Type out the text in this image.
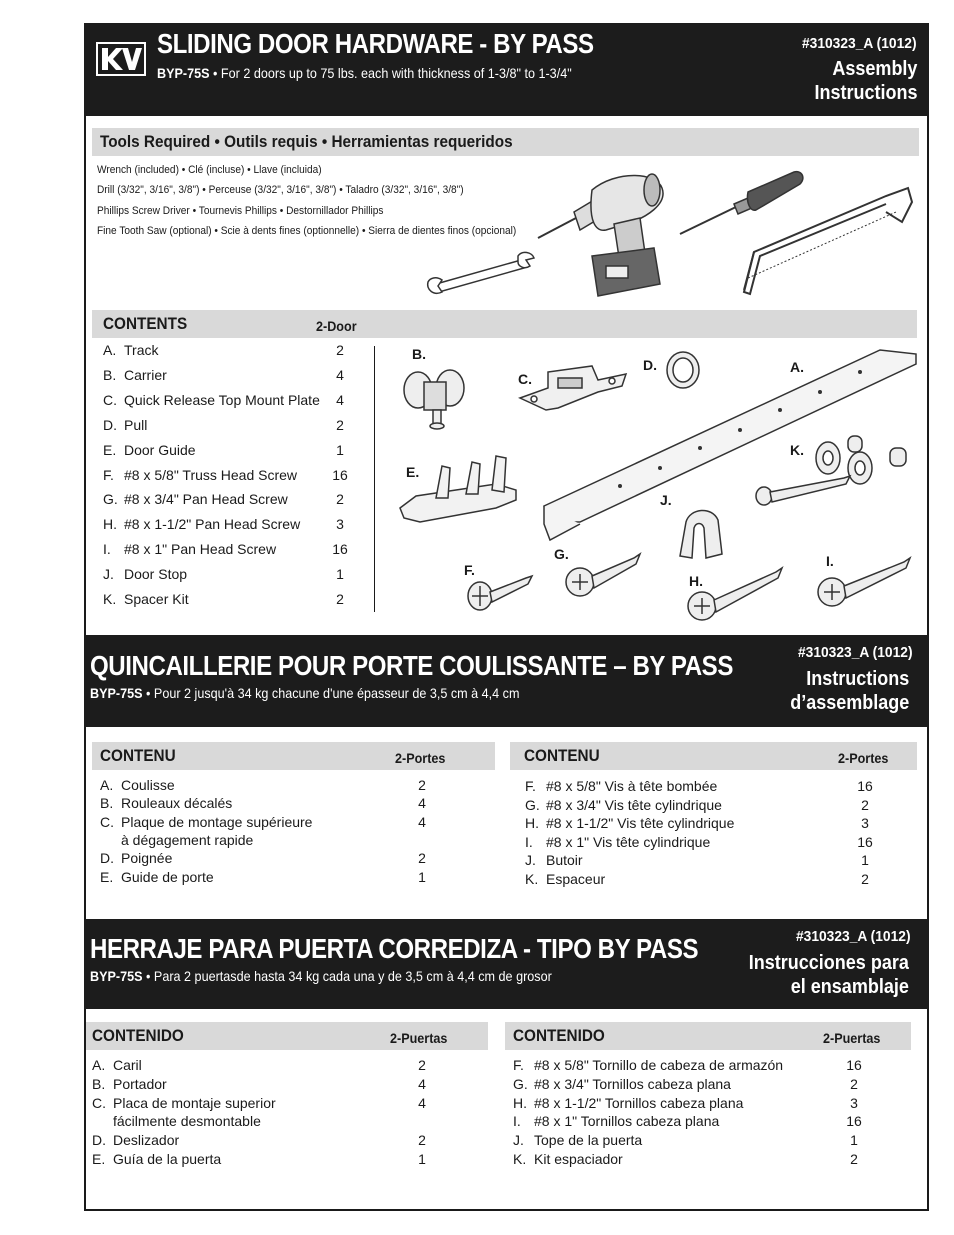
SLIDING DOOR HARDWARE - BY PASS
BYP-75S • For 2 doors up to 75 lbs. each with thickness of 1-3/8" to 1-3/4"
#310323_A (1012)
Assembly
Instructions
Tools Required • Outils requis • Herramientas requeridos
Wrench (included) • Clé (incluse) • Llave (incluida)
Drill (3/32", 3/16", 3/8") • Perceuse (3/32", 3/16", 3/8") • Taladro (3/32", 3/16", 3/8")
Phillips Screw Driver • Tournevis Phillips • Destornillador Phillips
Fine Tooth Saw (optional) • Scie à dents fines (optionnelle) • Sierra de dientes finos (opcional)
CONTENTS	2-Door
A. Track	2
B. Carrier	4
C. Quick Release Top Mount Plate	4
D. Pull	2
E. Door Guide	1
F. #8 x 5/8" Truss Head Screw	16
G. #8 x 3/4" Pan Head Screw	2
H. #8 x 1-1/2" Pan Head Screw	3
I. #8 x 1" Pan Head Screw	16
J. Door Stop	1
K. Spacer Kit	2
B.
C.
D.	A.
K.
E.
J.
G.	I.
F.
H.
QUINCAILLERIE POUR PORTE COULISSANTE – BY PASS
BYP-75S • Pour 2 jusqu'à 34 kg chacune d'une épasseur de 3,5 cm à 4,4 cm
#310323_A (1012)
Instructions
d’assemblage
CONTENU	2-Portes	CONTENU	2-Portes
A. Coulisse	2
B. Rouleaux décalés	4
C. Plaque de montage supérieure	4
à dégagement rapide
D. Poignée	2
E. Guide de porte	1
F. #8 x 5/8" Vis à tête bombée	16
G. #8 x 3/4" Vis tête cylindrique	2
H. #8 x 1-1/2" Vis tête cylindrique	3
I. #8 x 1" Vis tête cylindrique	16
J. Butoir	1
K. Espaceur	2
HERRAJE PARA PUERTA CORREDIZA - TIPO BY PASS
BYP-75S • Para 2 puertasde hasta 34 kg cada una y de 3,5 cm à 4,4 cm de grosor
#310323_A (1012)
Instrucciones para
el ensamblaje
CONTENIDO	2-Puertas	CONTENIDO	2-Puertas
A. Caril	2
B. Portador	4
C. Placa de montaje superior	4
fácilmente desmontable
D. Deslizador	2
E. Guía de la puerta	1
F. #8 x 5/8" Tornillo de cabeza de armazón	16
G. #8 x 3/4" Tornillos cabeza plana	2
H. #8 x 1-1/2" Tornillos cabeza plana	3
I. #8 x 1" Tornillos cabeza plana	16
J. Tope de la puerta	1
K. Kit espaciador	2
